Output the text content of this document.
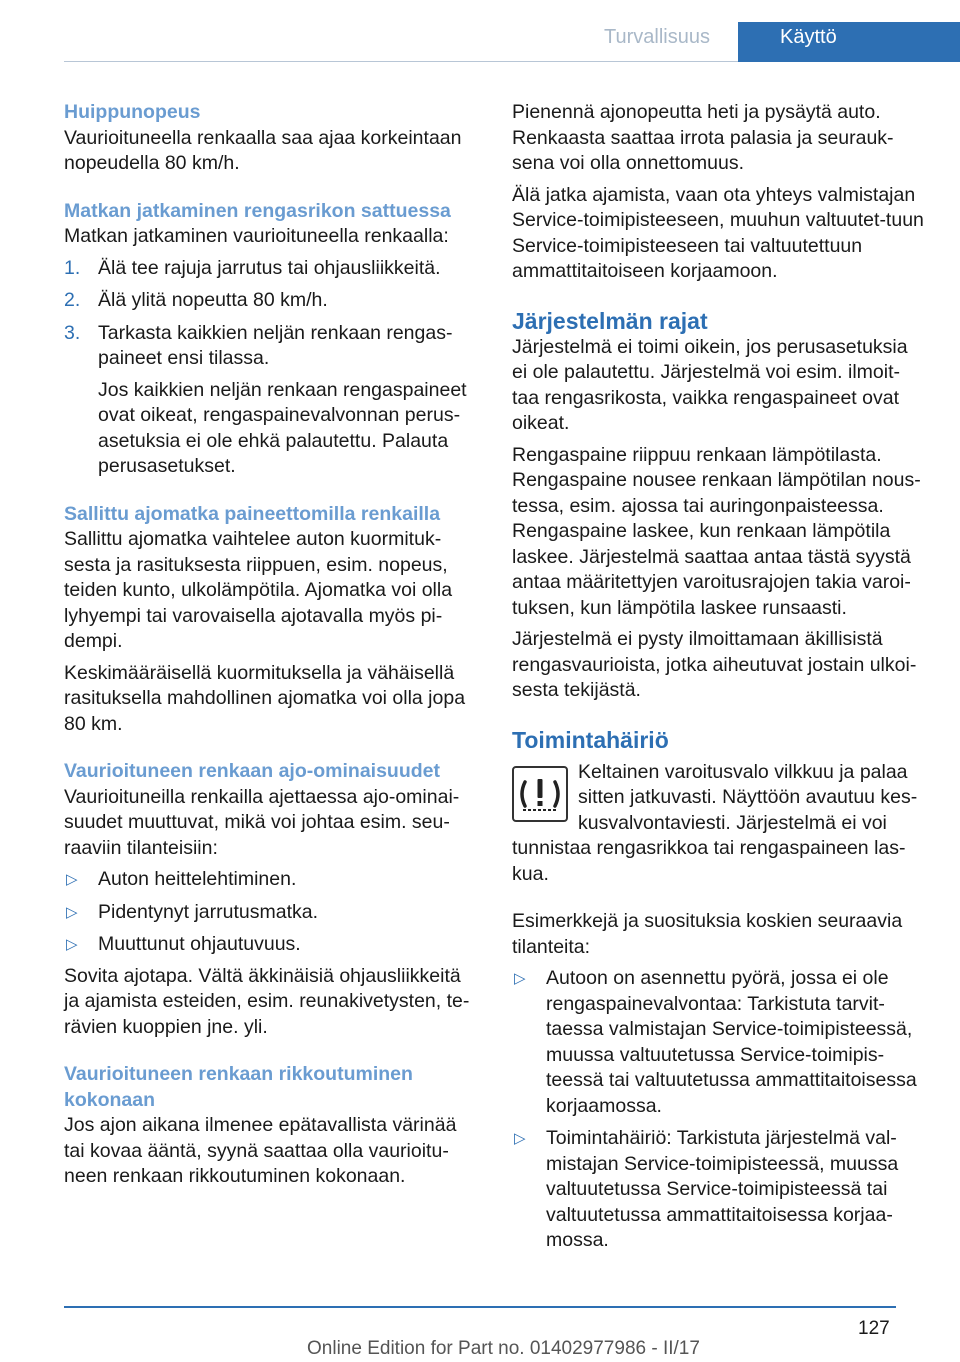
Turvallisuus	Käyttö
Huippunopeus

Vaurioituneella renkaalla saa ajaa korkeintaan nopeudella 80 km/h.

Matkan jatkaminen rengasrikon sattuessa

Matkan jatkaminen vaurioituneella renkaalla:

1. Älä tee rajuja jarrutus tai ohjausliikkeitä.
2. Älä ylitä nopeutta 80 km/h.
3. Tarkasta kaikkien neljän renkaan rengas-paineet ensi tilassa.

Jos kaikkien neljän renkaan rengaspaineet ovat oikeat, rengaspainevalvonnan perus-asetuksia ei ole ehkä palautettu. Palauta perusasetukset.

Sallittu ajomatka paineettomilla renkailla

Sallittu ajomatka vaihtelee auton kuormituk-sesta ja rasituksesta riippuen, esim. nopeus, teiden kunto, ulkolämpötila. Ajomatka voi olla lyhyempi tai varovaisella ajotavalla myös pi-dempi.

Keskimääräisellä kuormituksella ja vähäisellä rasituksella mahdollinen ajomatka voi olla jopa 80 km.

Vaurioituneen renkaan ajo-ominaisuudet

Vaurioituneilla renkailla ajettaessa ajo-ominai-suudet muuttuvat, mikä voi johtaa esim. seu-raaviin tilanteisiin:

▷ Auton heittelehtiminen.
▷ Pidentynyt jarrutusmatka.
▷ Muuttunut ohjautuvuus.

Sovita ajotapa. Vältä äkkinäisiä ohjausliikkeitä ja ajamista esteiden, esim. reunakivetysten, te-rävien kuoppien jne. yli.

Vaurioituneen renkaan rikkoutuminen kokonaan

Jos ajon aikana ilmenee epätavallista värinää tai kovaa ääntä, syynä saattaa olla vaurioitu-neen renkaan rikkoutuminen kokonaan.

Pienennä ajonopeutta heti ja pysäytä auto. Renkaasta saattaa irrota palasia ja seurauk-sena voi olla onnettomuus.

Älä jatka ajamista, vaan ota yhteys valmistajan Service-toimipisteeseen, muuhun valtuutet-tuun Service-toimipisteeseen tai valtuutettuun ammattitaitoiseen korjaamoon.

Järjestelmän rajat

Järjestelmä ei toimi oikein, jos perusasetuksia ei ole palautettu. Järjestelmä voi esim. ilmoit-taa rengasrikosta, vaikka rengaspaineet ovat oikeat.

Rengaspaine riippuu renkaan lämpötilasta. Rengaspaine nousee renkaan lämpötilan nous-tessa, esim. ajossa tai auringonpaisteessa. Rengaspaine laskee, kun renkaan lämpötila laskee. Järjestelmä saattaa antaa tästä syystä antaa määritettyjen varoitusrajojen takia varoi-tuksen, kun lämpötila laskee runsaasti.

Järjestelmä ei pysty ilmoittamaan äkillisistä rengasvaurioista, jotka aiheutuvat jostain ulkoi-sesta tekijästä.

Toimintahäiriö

Keltainen varoitusvalo vilkkuu ja palaa sitten jatkuvasti. Näyttöön avautuu kes-kusvalvontaviesti. Järjestelmä ei voi

tunnistaa rengasrikkoa tai rengaspaineen las-kua.

Esimerkkejä ja suosituksia koskien seuraavia tilanteita:

▷ Autoon on asennettu pyörä, jossa ei ole rengaspainevalvontaa: Tarkistuta tarvit-taessa valmistajan Service-toimipisteessä, muussa valtuutetussa Service-toimipis-teessä tai valtuutetussa ammattitaitoisessa korjaamossa.
▷ Toimintahäiriö: Tarkistuta järjestelmä val-mistajan Service-toimipisteessä, muussa valtuutetussa Service-toimipisteessä tai valtuutetussa ammattitaitoisessa korjaa-mossa.
127
Online Edition for Part no. 01402977986 - II/17
